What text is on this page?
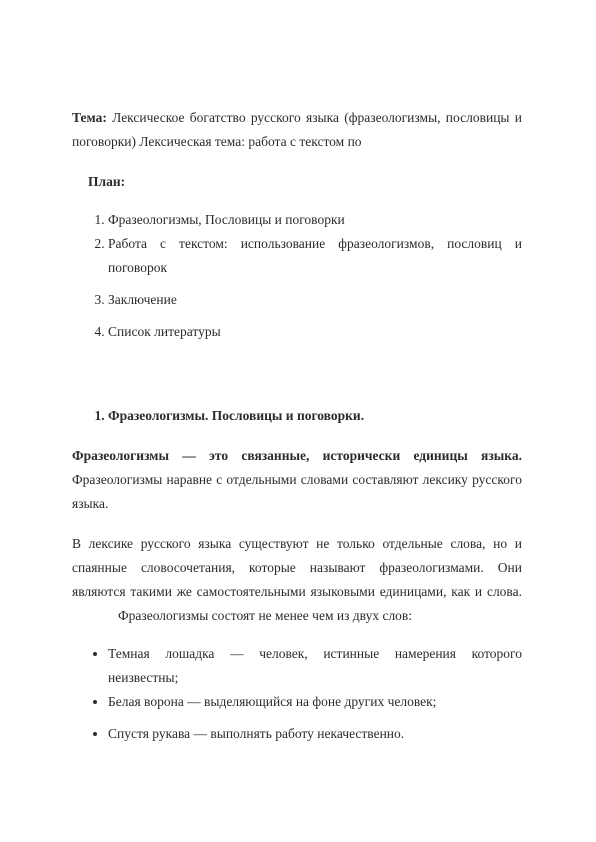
Тема: Лексическое богатство русского языка (фразеологизмы, пословицы и поговорки) Лексическая тема: работа с текстом по

План:
1. Фразеологизмы, Пословицы и поговорки
2. Работа с текстом: использование фразеологизмов, пословиц и поговорок
3. Заключение
4. Список литературы
1. Фразеологизмы. Пословицы и поговорки.

Фразеологизмы — это связанные, исторически единицы языка. Фразеологизмы наравне с отдельными словами составляют лексику русского языка.

В лексике русского языка существуют не только отдельные слова, но и спаянные словосочетания, которые называют фразеологизмами. Они являются такими же самостоятельными языковыми единицами, как и слова.Фразеологизмы состоят не менее чем из двух слов:

• Темная лошадка — человек, истинные намерения которого неизвестны;
• Белая ворона — выделяющийся на фоне других человек;
• Спустя рукава — выполнять работу некачественно.
